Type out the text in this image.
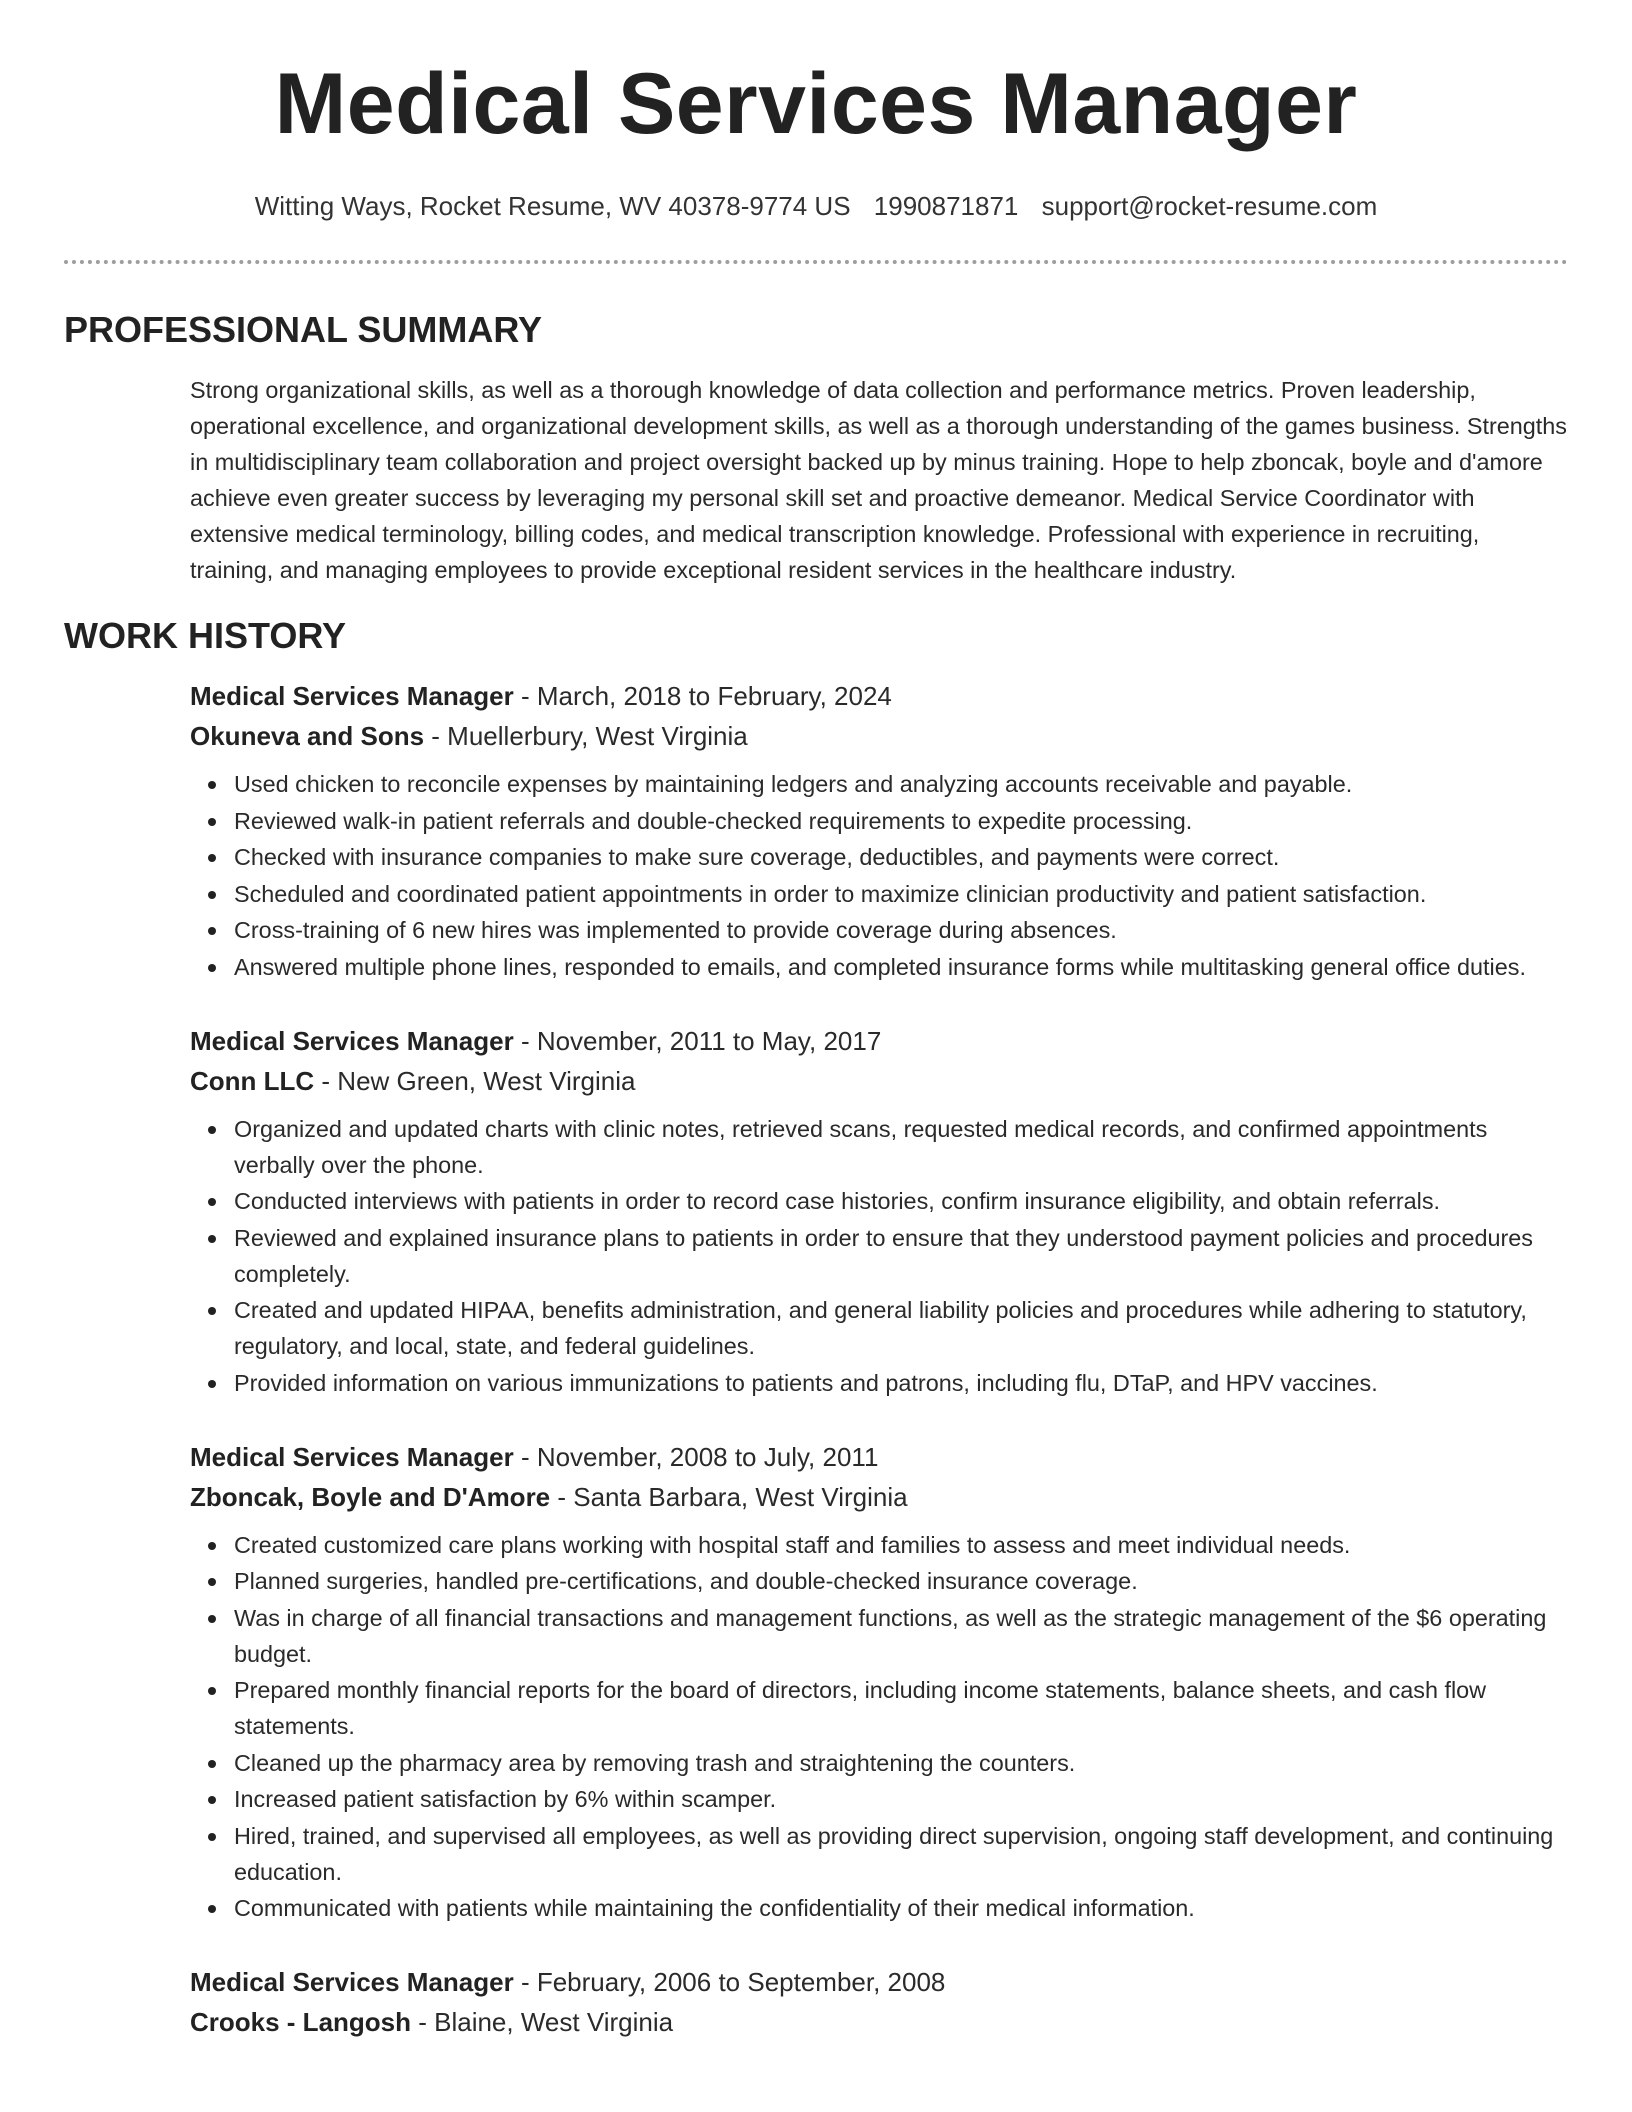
Medical Services Manager
Witting Ways, Rocket Resume, WV 40378-9774 US 1990871871 support@rocket-resume.com
PROFESSIONAL SUMMARY
Strong organizational skills, as well as a thorough knowledge of data collection and performance metrics. Proven leadership, operational excellence, and organizational development skills, as well as a thorough understanding of the games business. Strengths in multidisciplinary team collaboration and project oversight backed up by minus training. Hope to help zboncak, boyle and d'amore achieve even greater success by leveraging my personal skill set and proactive demeanor. Medical Service Coordinator with extensive medical terminology, billing codes, and medical transcription knowledge. Professional with experience in recruiting, training, and managing employees to provide exceptional resident services in the healthcare industry.
WORK HISTORY
Medical Services Manager - March, 2018 to February, 2024
Okuneva and Sons - Muellerbury, West Virginia
Used chicken to reconcile expenses by maintaining ledgers and analyzing accounts receivable and payable.
Reviewed walk-in patient referrals and double-checked requirements to expedite processing.
Checked with insurance companies to make sure coverage, deductibles, and payments were correct.
Scheduled and coordinated patient appointments in order to maximize clinician productivity and patient satisfaction.
Cross-training of 6 new hires was implemented to provide coverage during absences.
Answered multiple phone lines, responded to emails, and completed insurance forms while multitasking general office duties.
Medical Services Manager - November, 2011 to May, 2017
Conn LLC - New Green, West Virginia
Organized and updated charts with clinic notes, retrieved scans, requested medical records, and confirmed appointments verbally over the phone.
Conducted interviews with patients in order to record case histories, confirm insurance eligibility, and obtain referrals.
Reviewed and explained insurance plans to patients in order to ensure that they understood payment policies and procedures completely.
Created and updated HIPAA, benefits administration, and general liability policies and procedures while adhering to statutory, regulatory, and local, state, and federal guidelines.
Provided information on various immunizations to patients and patrons, including flu, DTaP, and HPV vaccines.
Medical Services Manager - November, 2008 to July, 2011
Zboncak, Boyle and D'Amore - Santa Barbara, West Virginia
Created customized care plans working with hospital staff and families to assess and meet individual needs.
Planned surgeries, handled pre-certifications, and double-checked insurance coverage.
Was in charge of all financial transactions and management functions, as well as the strategic management of the $6 operating budget.
Prepared monthly financial reports for the board of directors, including income statements, balance sheets, and cash flow statements.
Cleaned up the pharmacy area by removing trash and straightening the counters.
Increased patient satisfaction by 6% within scamper.
Hired, trained, and supervised all employees, as well as providing direct supervision, ongoing staff development, and continuing education.
Communicated with patients while maintaining the confidentiality of their medical information.
Medical Services Manager - February, 2006 to September, 2008
Crooks - Langosh - Blaine, West Virginia
